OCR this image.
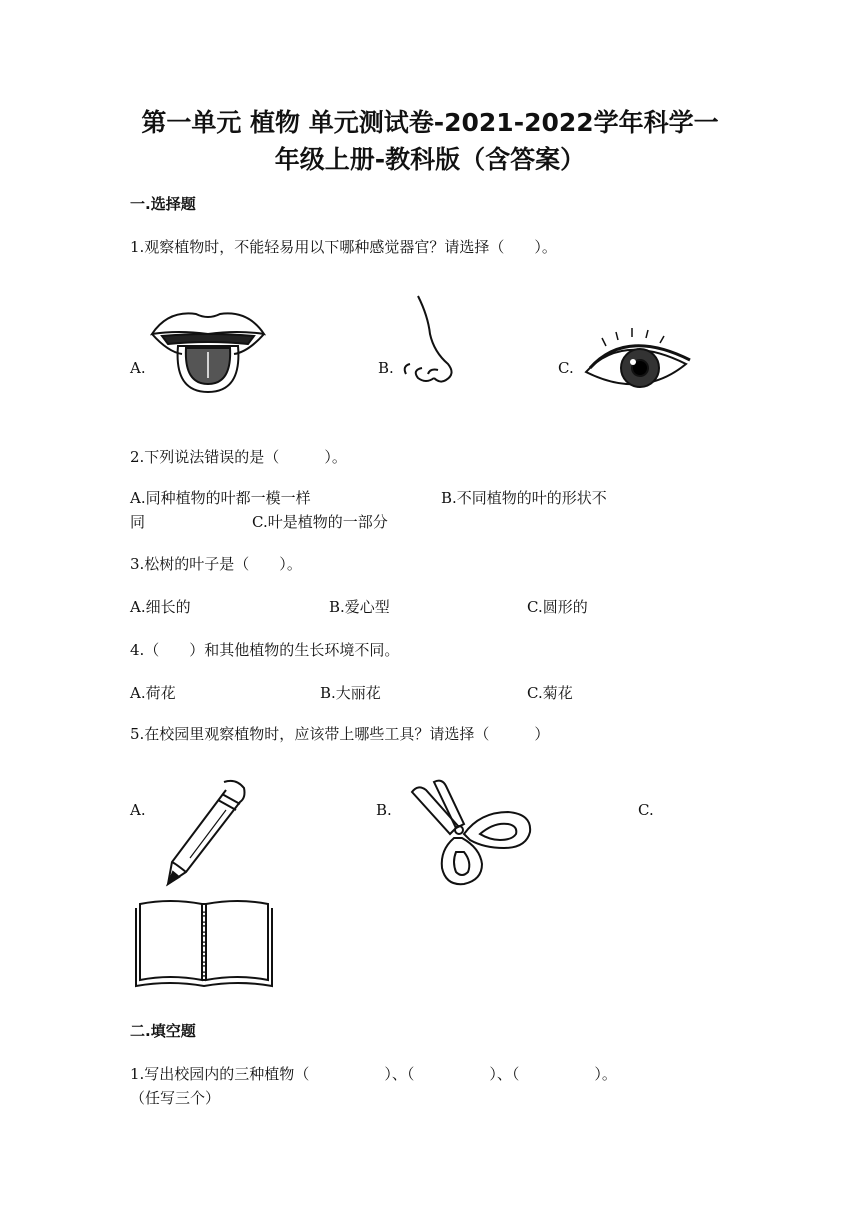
第一单元 植物 单元测试卷-2021-2022学年科学一
年级上册-教科版（含答案）
一.选择题

1.观察植物时，不能轻易用以下哪种感觉器官？请选择（　　）。

A.	B.	C.

2.下列说法错误的是（　　　）。

A.同种植物的叶都一模一样	B.不同植物的叶的形状不

同	C.叶是植物的一部分

3.松树的叶子是（　　）。

A.细长的	B.爱心型	C.圆形的

4.（　　）和其他植物的生长环境不同。

A.荷花	B.大丽花	C.菊花

5.在校园里观察植物时，应该带上哪些工具？请选择（　　　）

A.	B.	C.

二.填空题

1.写出校园内的三种植物（　　　　　）、（　　　　　）、（　　　　　）。

（任写三个）
